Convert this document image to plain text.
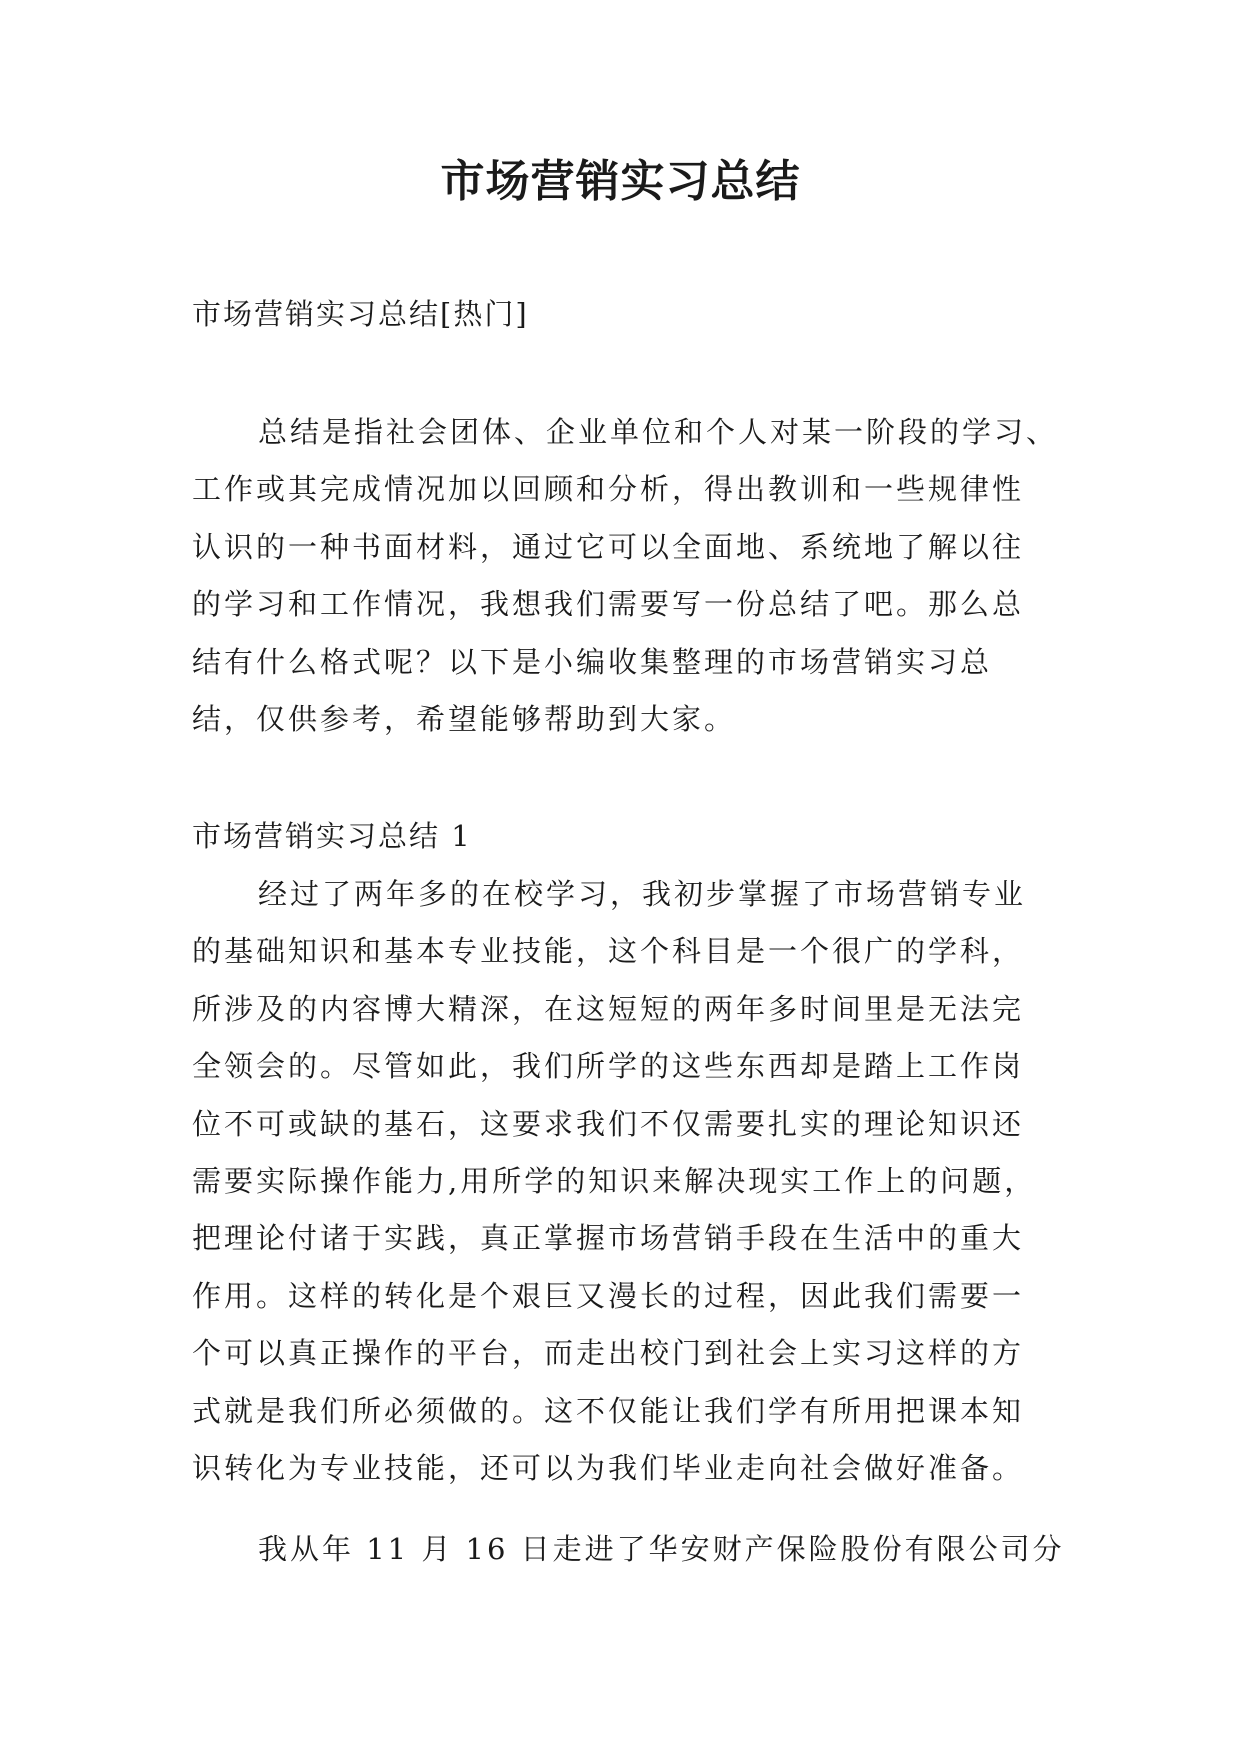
市场营销实习总结
市场营销实习总结[热门]
总结是指社会团体、企业单位和个人对某一阶段的学习、
工作或其完成情况加以回顾和分析，得出教训和一些规律性
认识的一种书面材料，通过它可以全面地、系统地了解以往
的学习和工作情况，我想我们需要写一份总结了吧。那么总
结有什么格式呢？以下是小编收集整理的市场营销实习总
结，仅供参考，希望能够帮助到大家。
市场营销实习总结 1
经过了两年多的在校学习，我初步掌握了市场营销专业
的基础知识和基本专业技能，这个科目是一个很广的学科，
所涉及的内容博大精深，在这短短的两年多时间里是无法完
全领会的。尽管如此，我们所学的这些东西却是踏上工作岗
位不可或缺的基石，这要求我们不仅需要扎实的理论知识还
需要实际操作能力,用所学的知识来解决现实工作上的问题，
把理论付诸于实践，真正掌握市场营销手段在生活中的重大
作用。这样的转化是个艰巨又漫长的过程，因此我们需要一
个可以真正操作的平台，而走出校门到社会上实习这样的方
式就是我们所必须做的。这不仅能让我们学有所用把课本知
识转化为专业技能，还可以为我们毕业走向社会做好准备。
我从年 11 月 16 日走进了华安财产保险股份有限公司分
